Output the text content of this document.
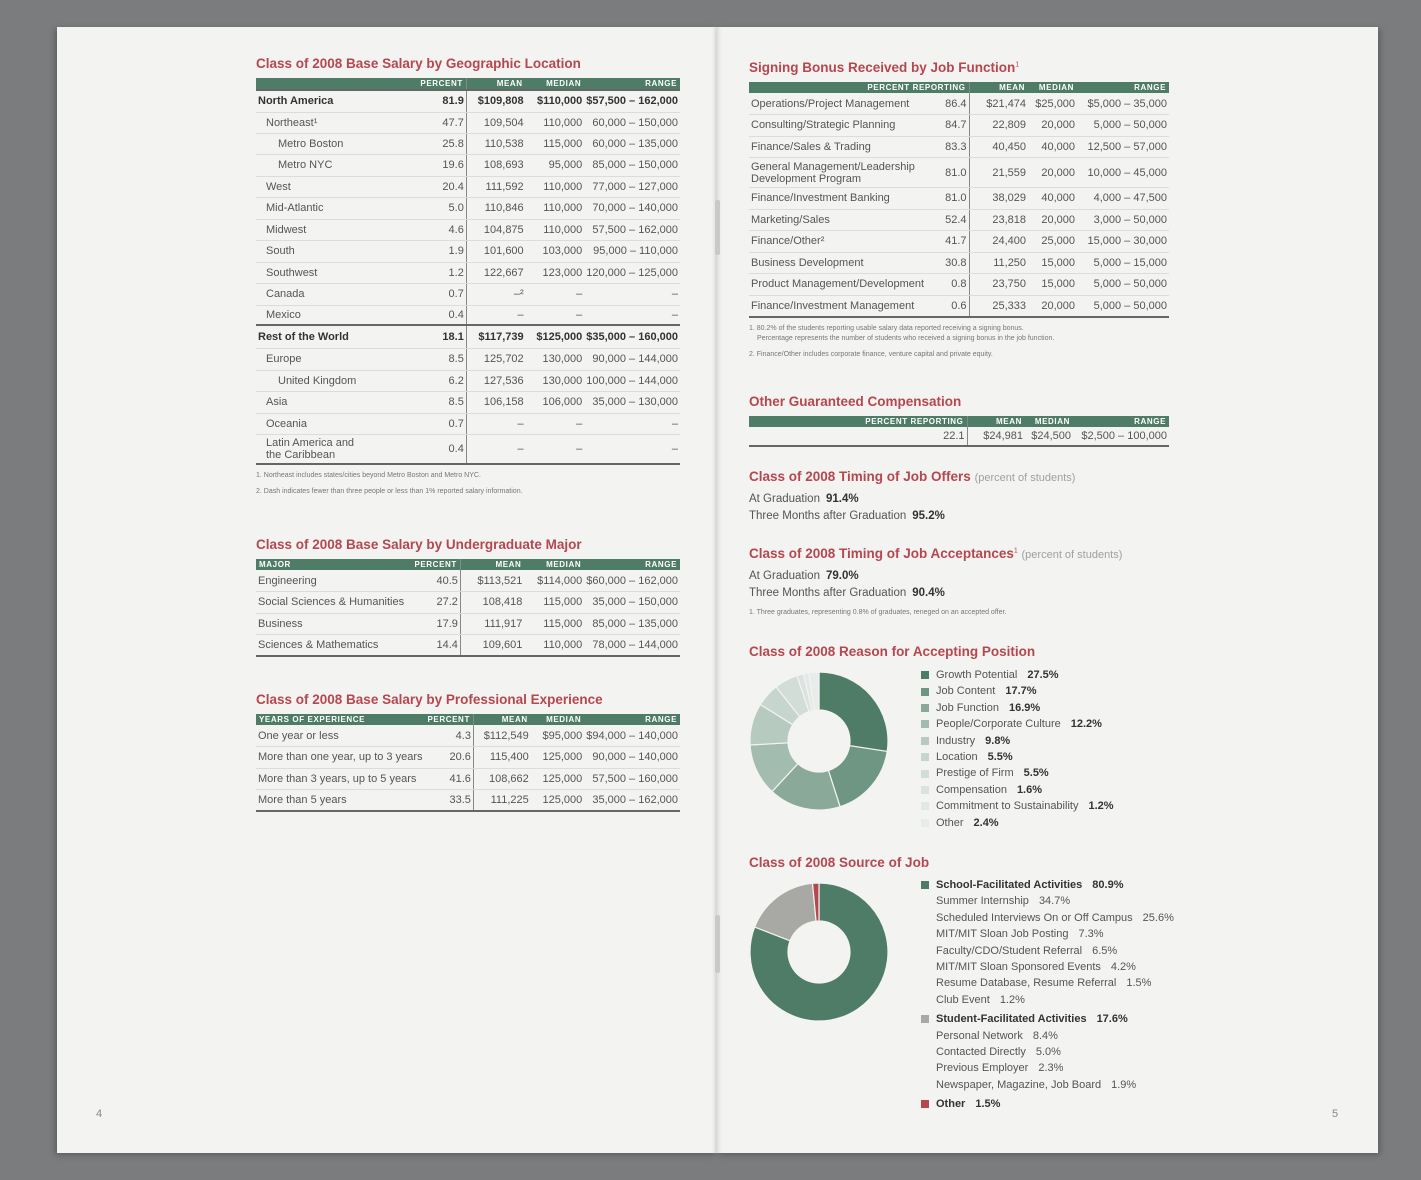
4	5
Class of 2008 Base Salary by Geographic Location
	PERCENT	MEAN	MEDIAN	RANGE
North America	81.9	$109,808	$110,000	$57,500 – 162,000
Northeast¹	47.7	109,504	110,000	60,000 – 150,000
Metro Boston	25.8	110,538	115,000	60,000 – 135,000
Metro NYC	19.6	108,693	95,000	85,000 – 150,000
West	20.4	111,592	110,000	77,000 – 127,000
Mid-Atlantic	5.0	110,846	110,000	70,000 – 140,000
Midwest	4.6	104,875	110,000	57,500 – 162,000
South	1.9	101,600	103,000	95,000 – 110,000
Southwest	1.2	122,667	123,000	120,000 – 125,000
Canada	0.7	–²	–	–
Mexico	0.4	–	–	–
Rest of the World	18.1	$117,739	$125,000	$35,000 – 160,000
Europe	8.5	125,702	130,000	90,000 – 144,000
United Kingdom	6.2	127,536	130,000	100,000 – 144,000
Asia	8.5	106,158	106,000	35,000 – 130,000
Oceania	0.7	–	–	–
Latin America and the Caribbean	0.4	–	–	–

1. Northeast includes states/cities beyond Metro Boston and Metro NYC.

2. Dash indicates fewer than three people or less than 1% reported salary information.

Class of 2008 Base Salary by Undergraduate Major
MAJOR	PERCENT	MEAN	MEDIAN	RANGE
Engineering	40.5	$113,521	$114,000	$60,000 – 162,000
Social Sciences & Humanities	27.2	108,418	115,000	35,000 – 150,000
Business	17.9	111,917	115,000	85,000 – 135,000
Sciences & Mathematics	14.4	109,601	110,000	78,000 – 144,000
Class of 2008 Base Salary by Professional Experience
YEARS OF EXPERIENCE	PERCENT	MEAN	MEDIAN	RANGE
One year or less	4.3	$112,549	$95,000	$94,000 – 140,000
More than one year, up to 3 years	20.6	115,400	125,000	90,000 – 140,000
More than 3 years, up to 5 years	41.6	108,662	125,000	57,500 – 160,000
More than 5 years	33.5	111,225	125,000	35,000 – 162,000
Signing Bonus Received by Job Function$^1$
PERCENT REPORTING		MEAN	MEDIAN	RANGE
Operations/Project Management	86.4	$21,474	$25,000	$5,000 – 35,000
Consulting/Strategic Planning	84.7	22,809	20,000	5,000 – 50,000
Finance/Sales & Trading	83.3	40,450	40,000	12,500 – 57,000
General Management/Leadership Development Program	81.0	21,559	20,000	10,000 – 45,000
Finance/Investment Banking	81.0	38,029	40,000	4,000 – 47,500
Marketing/Sales	52.4	23,818	20,000	3,000 – 50,000
Finance/Other²	41.7	24,400	25,000	15,000 – 30,000
Business Development	30.8	11,250	15,000	5,000 – 15,000
Product Management/Development	0.8	23,750	15,000	5,000 – 50,000
Finance/Investment Management	0.6	25,333	20,000	5,000 – 50,000

1. 80.2% of the students reporting usable salary data reported receiving a signing bonus.
Percentage represents the number of students who received a signing bonus in the job function.

2. Finance/Other includes corporate finance, venture capital and private equity.

Other Guaranteed Compensation
PERCENT REPORTING	MEAN	MEDIAN	RANGE
22.1	$24,981	$24,500	$2,500 – 100,000
Class of 2008 Timing of Job Offers (percent of students)
At Graduation 91.4%
Three Months after Graduation 95.2%
Class of 2008 Timing of Job Acceptances$^1$ (percent of students)
At Graduation 79.0%
Three Months after Graduation 90.4%
1. Three graduates, representing 0.8% of graduates, reneged on an accepted offer.
Class of 2008 Reason for Accepting Position
Growth Potential 27.5%
Job Content 17.7%
Job Function 16.9%
People/Corporate Culture 12.2%
Industry 9.8%
Location 5.5%
Prestige of Firm 5.5%
Compensation 1.6%
Commitment to Sustainability 1.2%
Other 2.4%
Class of 2008 Source of Job
School-Facilitated Activities 80.9%
Summer Internship 34.7%
Scheduled Interviews On or Off Campus 25.6%
MIT/MIT Sloan Job Posting 7.3%
Faculty/CDO/Student Referral 6.5%
MIT/MIT Sloan Sponsored Events 4.2%
Resume Database, Resume Referral 1.5%
Club Event 1.2%
Student-Facilitated Activities 17.6%
Personal Network 8.4%
Contacted Directly 5.0%
Previous Employer 2.3%
Newspaper, Magazine, Job Board 1.9%
Other 1.5%
